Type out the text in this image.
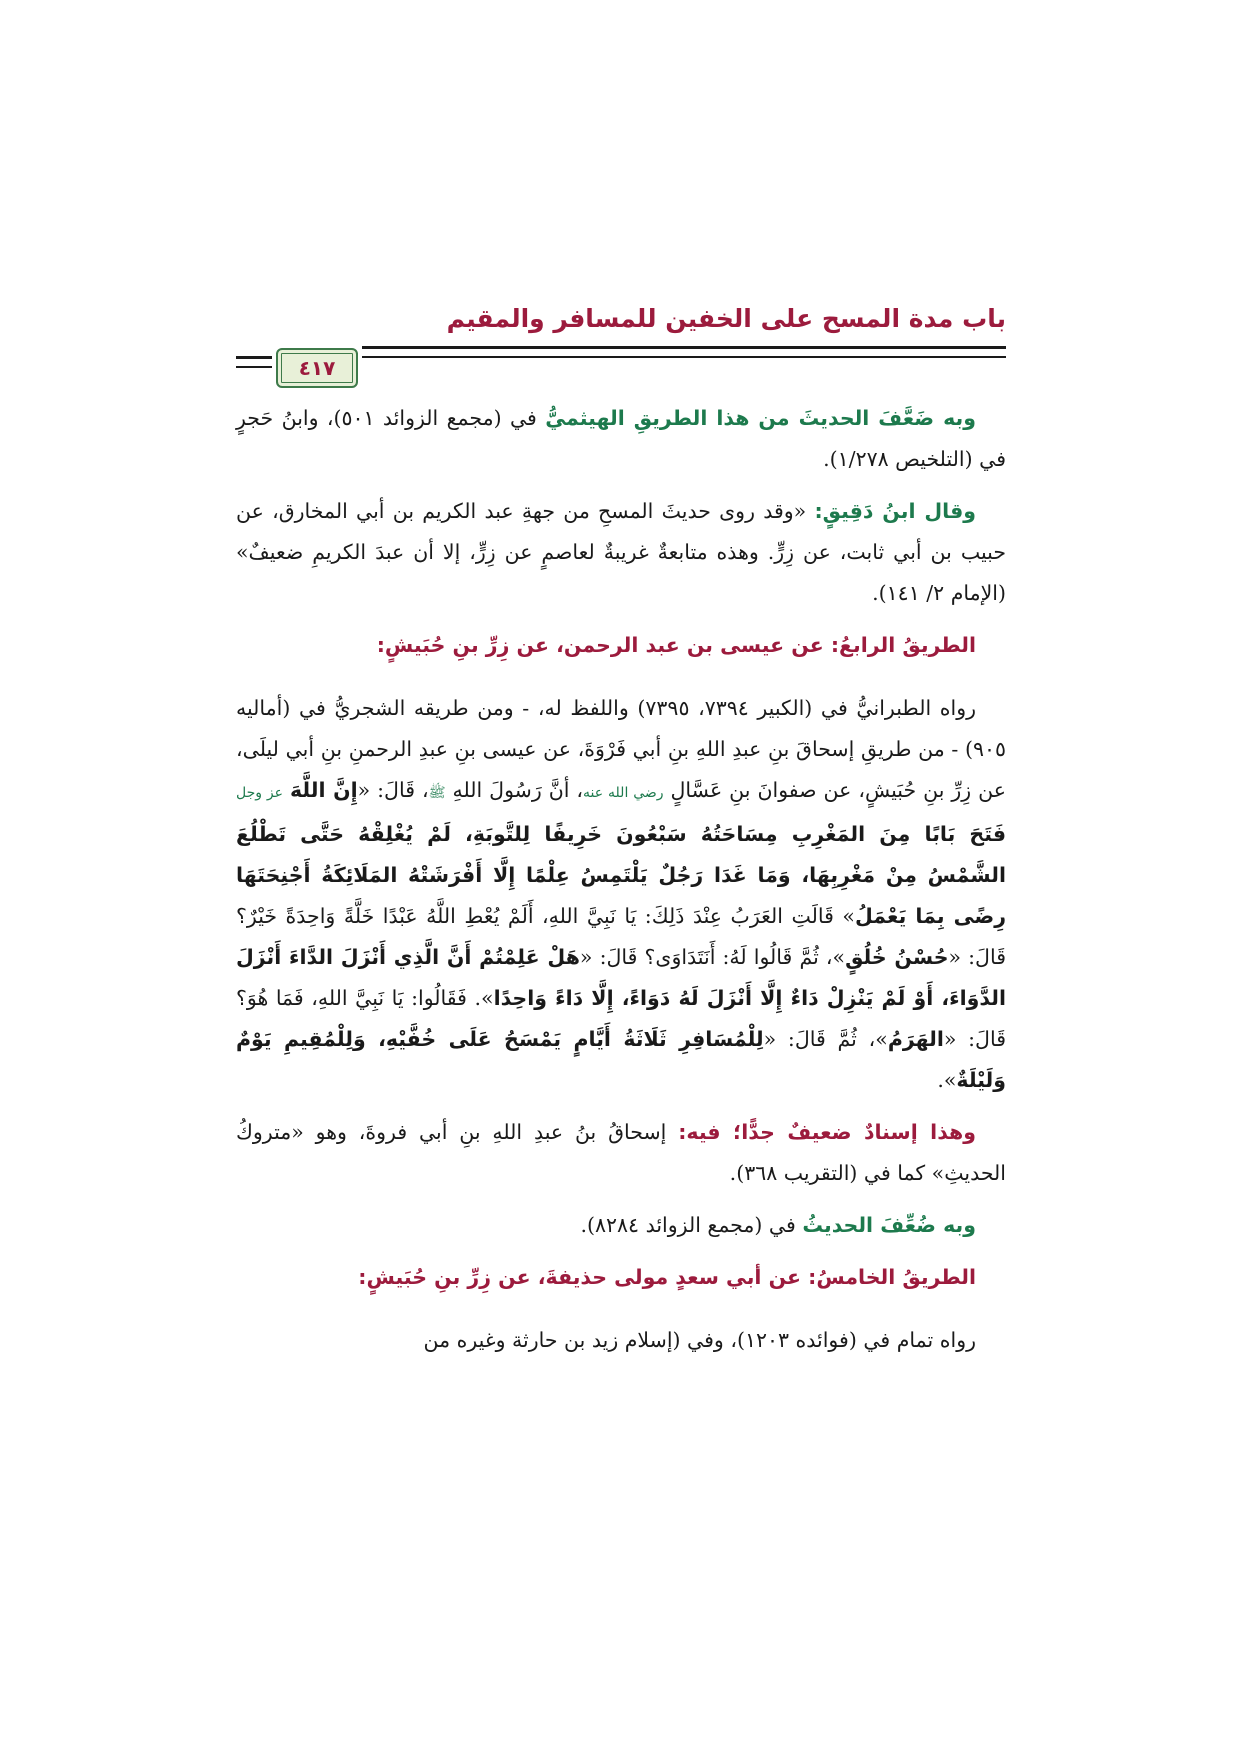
باب مدة المسح على الخفين للمسافر والمقيم
٤١٧

وبه ضَعَّفَ الحديثَ من هذا الطريقِ الهيثميُّ في (مجمع الزوائد ٥٠١)، وابنُ حَجرٍ في (التلخيص ١/٢٧٨).

وقال ابنُ دَقِيقٍ: «وقد روى حديثَ المسحِ من جهةِ عبد الكريم بن أبي المخارق، عن حبيب بن أبي ثابت، عن زِرٍّ. وهذه متابعةٌ غريبةٌ لعاصمٍ عن زِرٍّ، إلا أن عبدَ الكريمِ ضعيفٌ» (الإمام ٢/ ١٤١).

الطريقُ الرابعُ: عن عيسى بن عبد الرحمن، عن زِرِّ بنِ حُبَيشٍ:

رواه الطبرانيُّ في (الكبير ٧٣٩٤، ٧٣٩٥) واللفظ له، - ومن طريقه الشجريُّ في (أماليه ٩٠٥) - من طريقِ إسحاقَ بنِ عبدِ اللهِ بنِ أبي فَرْوَةَ، عن عيسى بنِ عبدِ الرحمنِ بنِ أبي ليلَى، عن زِرِّ بنِ حُبَيشٍ، عن صفوانَ بنِ عَسَّالٍ رضي الله عنه، أنَّ رَسُولَ اللهِ ﷺ، قَالَ: «إِنَّ اللَّهَ عز وجل فَتَحَ بَابًا مِنَ المَغْرِبِ مِسَاحَتُهُ سَبْعُونَ خَرِيفًا لِلتَّوبَةِ، لَمْ يُغْلِقْهُ حَتَّى تَطْلُعَ الشَّمْسُ مِنْ مَغْرِبِهَا، وَمَا غَدَا رَجُلٌ يَلْتَمِسُ عِلْمًا إِلَّا أَفْرَشَتْهُ المَلَائِكَةُ أَجْنِحَتَهَا رِضًى بِمَا يَعْمَلُ» قَالَتِ العَرَبُ عِنْدَ ذَلِكَ: يَا نَبِيَّ اللهِ، أَلَمْ يُعْطِ اللَّهُ عَبْدًا خَلَّةً وَاحِدَةً خَيْرٌ؟ قَالَ: «حُسْنُ خُلُقٍ»، ثُمَّ قَالُوا لَهُ: أَنَتَدَاوَى؟ قَالَ: «هَلْ عَلِمْتُمْ أَنَّ الَّذِي أَنْزَلَ الدَّاءَ أَنْزَلَ الدَّوَاءَ، أَوْ لَمْ يَنْزِلْ دَاءٌ إِلَّا أَنْزَلَ لَهُ دَوَاءً، إِلَّا دَاءً وَاحِدًا». فَقَالُوا: يَا نَبِيَّ اللهِ، فَمَا هُوَ؟ قَالَ: «الهَرَمُ»، ثُمَّ قَالَ: «لِلْمُسَافِرِ ثَلَاثَةُ أَيَّامٍ يَمْسَحُ عَلَى خُفَّيْهِ، وَلِلْمُقِيمِ يَوْمٌ وَلَيْلَةٌ».

وهذا إسنادٌ ضعيفٌ جدًّا؛ فيه: إسحاقُ بنُ عبدِ اللهِ بنِ أبي فروةَ، وهو «متروكُ الحديثِ» كما في (التقريب ٣٦٨).

وبه ضُعِّفَ الحديثُ في (مجمع الزوائد ٨٢٨٤).

الطريقُ الخامسُ: عن أبي سعدٍ مولى حذيفةَ، عن زِرِّ بنِ حُبَيشٍ:

رواه تمام في (فوائده ١٢٠٣)، وفي (إسلام زيد بن حارثة وغيره من
